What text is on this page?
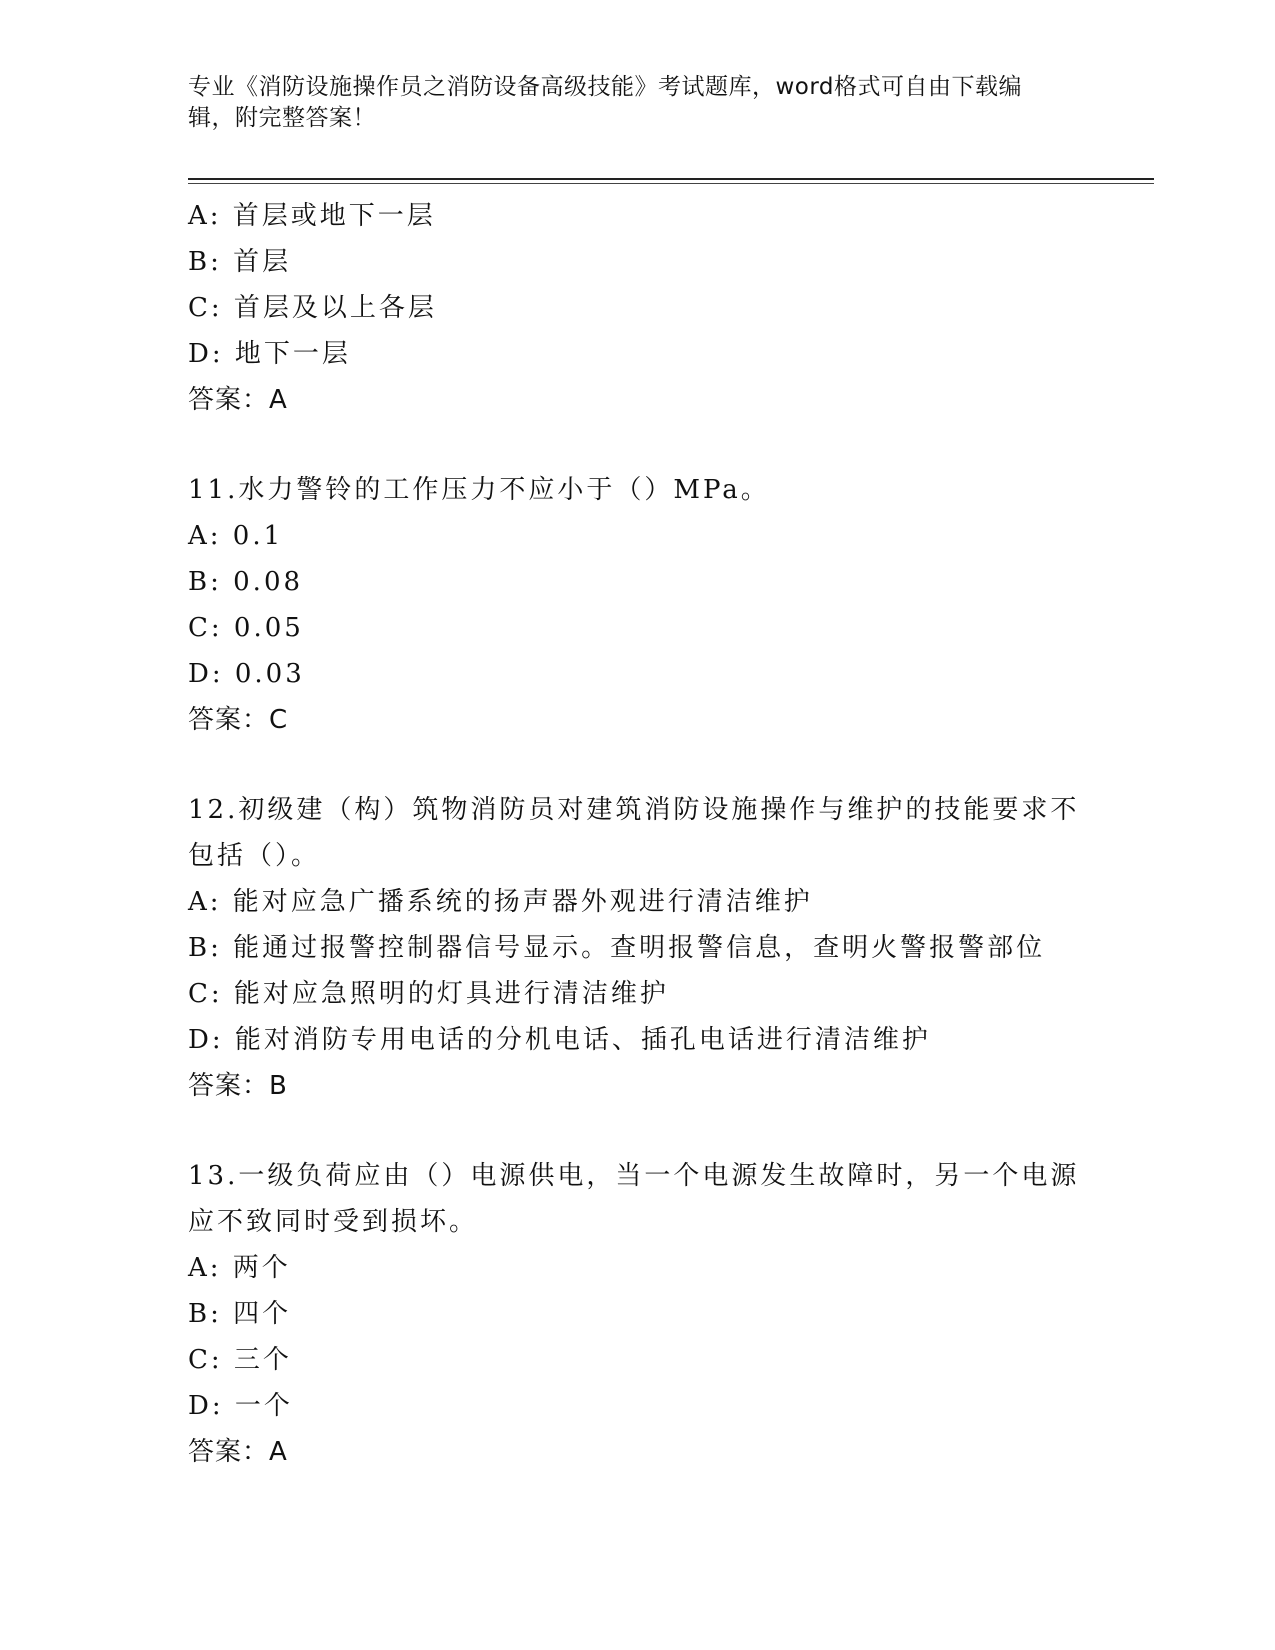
专业《消防设施操作员之消防设备高级技能》考试题库，word格式可自由下载编辑，附完整答案！
A: 首层或地下一层
B: 首层
C: 首层及以上各层
D: 地下一层
答案：A
11.水力警铃的工作压力不应小于（）MPa。
A: 0.1
B: 0.08
C: 0.05
D: 0.03
答案：C
12.初级建（构）筑物消防员对建筑消防设施操作与维护的技能要求不包括（）。
A: 能对应急广播系统的扬声器外观进行清洁维护
B: 能通过报警控制器信号显示。查明报警信息，查明火警报警部位
C: 能对应急照明的灯具进行清洁维护
D: 能对消防专用电话的分机电话、插孔电话进行清洁维护
答案：B
13.一级负荷应由（）电源供电，当一个电源发生故障时，另一个电源应不致同时受到损坏。
A: 两个
B: 四个
C: 三个
D: 一个
答案：A
